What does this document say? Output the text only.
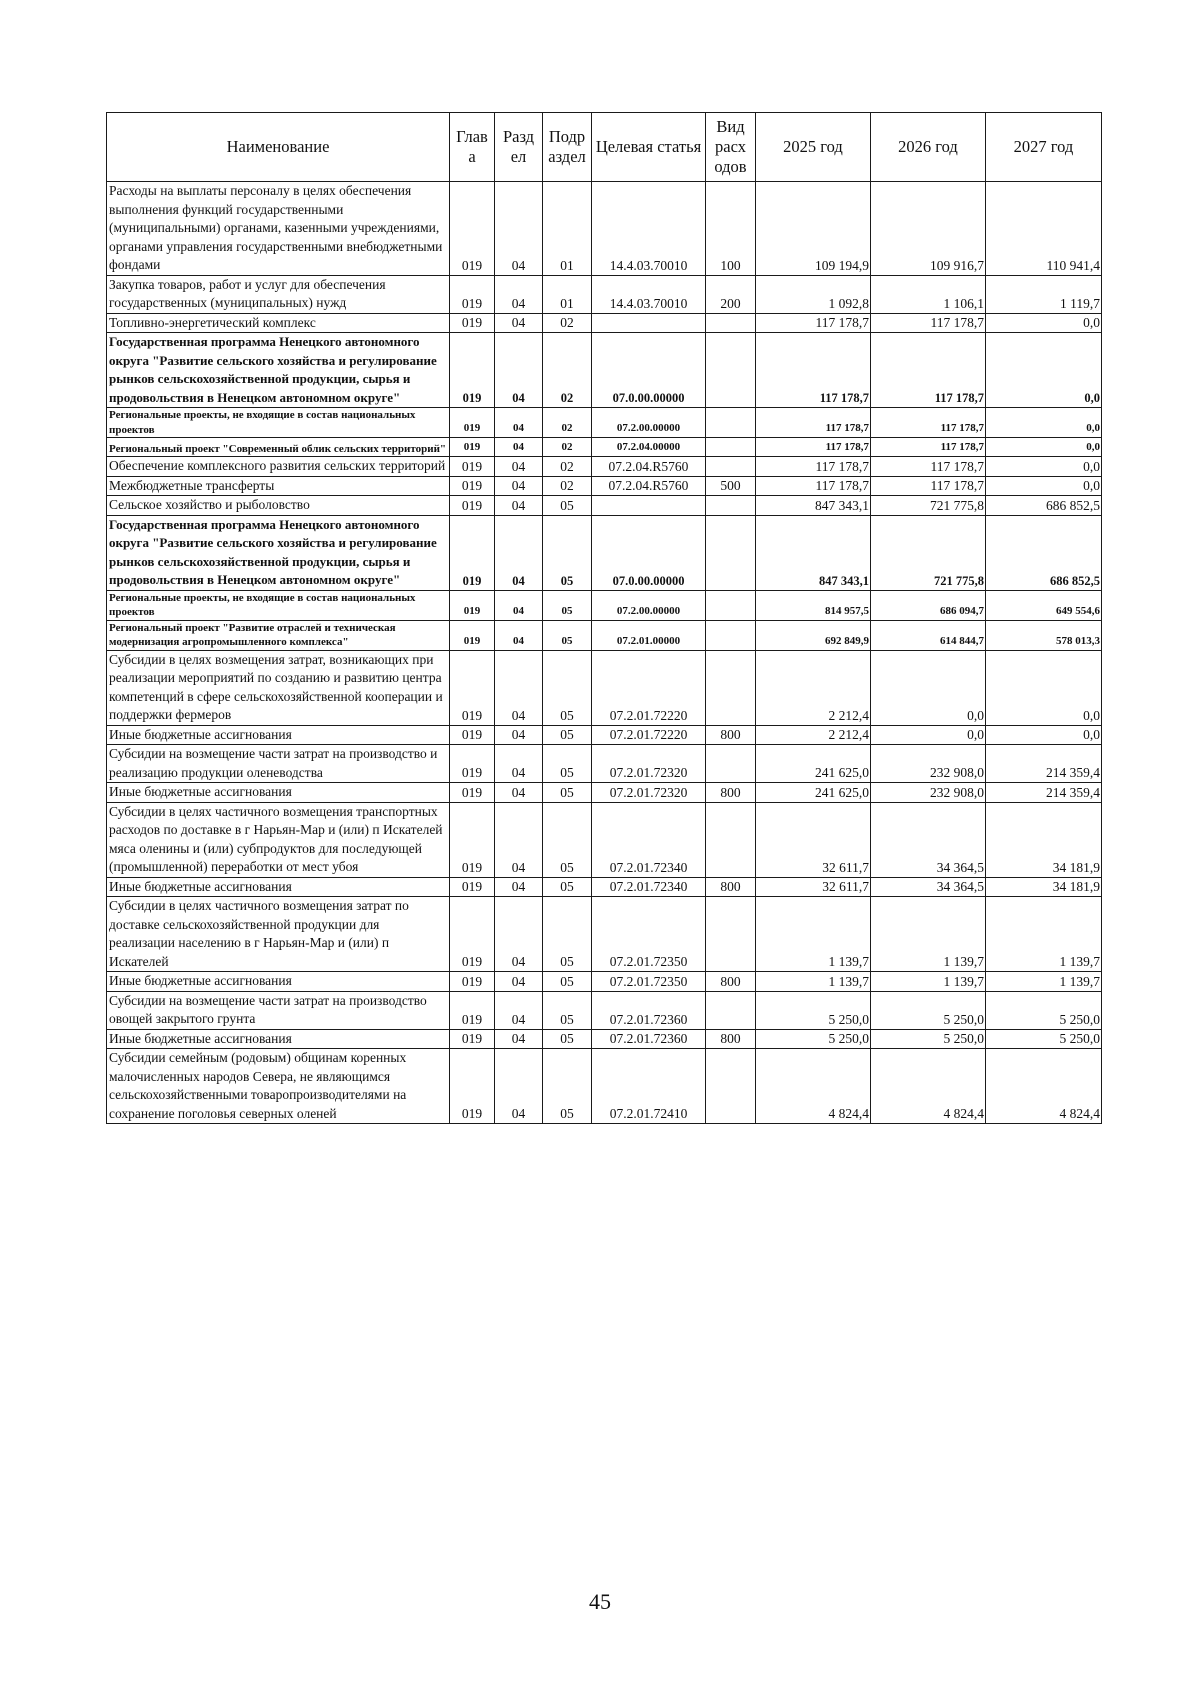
Наименование	Глав а	Разд ел	Подр аздел	Целевая статья	Вид расх одов	2025 год	2026 год	2027 год
Расходы на выплаты персоналу в целях обеспечения выполнения функций государственными (муниципальными) органами, казенными учреждениями, органами управления государственными внебюджетными фондами	019	04	01	14.4.03.70010	100	109 194,9	109 916,7	110 941,4
Закупка товаров, работ и услуг для обеспечения государственных (муниципальных) нужд	019	04	01	14.4.03.70010	200	1 092,8	1 106,1	1 119,7
Топливно-энергетический комплекс	019	04	02			117 178,7	117 178,7	0,0
Государственная программа Ненецкого автономного округа "Развитие сельского хозяйства и регулирование рынков сельскохозяйственной продукции, сырья и продовольствия в Ненецком автономном округе"	019	04	02	07.0.00.00000		117 178,7	117 178,7	0,0
Региональные проекты, не входящие в состав национальных проектов	019	04	02	07.2.00.00000		117 178,7	117 178,7	0,0
Региональный проект "Современный облик сельских территорий"	019	04	02	07.2.04.00000		117 178,7	117 178,7	0,0
Обеспечение комплексного развития сельских территорий	019	04	02	07.2.04.R5760		117 178,7	117 178,7	0,0
Межбюджетные трансферты	019	04	02	07.2.04.R5760	500	117 178,7	117 178,7	0,0
Сельское хозяйство и рыболовство	019	04	05			847 343,1	721 775,8	686 852,5
Государственная программа Ненецкого автономного округа "Развитие сельского хозяйства и регулирование рынков сельскохозяйственной продукции, сырья и продовольствия в Ненецком автономном округе"	019	04	05	07.0.00.00000		847 343,1	721 775,8	686 852,5
Региональные проекты, не входящие в состав национальных проектов	019	04	05	07.2.00.00000		814 957,5	686 094,7	649 554,6
Региональный проект "Развитие отраслей и техническая модернизация агропромышленного комплекса"	019	04	05	07.2.01.00000		692 849,9	614 844,7	578 013,3
Субсидии в целях возмещения затрат, возникающих при реализации мероприятий по созданию и развитию центра компетенций в сфере сельскохозяйственной кооперации и поддержки фермеров	019	04	05	07.2.01.72220		2 212,4	0,0	0,0
Иные бюджетные ассигнования	019	04	05	07.2.01.72220	800	2 212,4	0,0	0,0
Субсидии на возмещение части затрат на производство и реализацию продукции оленеводства	019	04	05	07.2.01.72320		241 625,0	232 908,0	214 359,4
Иные бюджетные ассигнования	019	04	05	07.2.01.72320	800	241 625,0	232 908,0	214 359,4
Субсидии в целях частичного возмещения транспортных расходов по доставке в г Нарьян-Мар и (или) п Искателей мяса оленины и (или) субпродуктов для последующей (промышленной) переработки от мест убоя	019	04	05	07.2.01.72340		32 611,7	34 364,5	34 181,9
Иные бюджетные ассигнования	019	04	05	07.2.01.72340	800	32 611,7	34 364,5	34 181,9
Субсидии в целях частичного возмещения затрат по доставке сельскохозяйственной продукции для реализации населению в г Нарьян-Мар и (или) п Искателей	019	04	05	07.2.01.72350		1 139,7	1 139,7	1 139,7
Иные бюджетные ассигнования	019	04	05	07.2.01.72350	800	1 139,7	1 139,7	1 139,7
Субсидии на возмещение части затрат на производство овощей закрытого грунта	019	04	05	07.2.01.72360		5 250,0	5 250,0	5 250,0
Иные бюджетные ассигнования	019	04	05	07.2.01.72360	800	5 250,0	5 250,0	5 250,0
Субсидии семейным (родовым) общинам коренных малочисленных народов Севера, не являющимся сельскохозяйственными товаропроизводителями на сохранение поголовья северных оленей	019	04	05	07.2.01.72410		4 824,4	4 824,4	4 824,4
45
